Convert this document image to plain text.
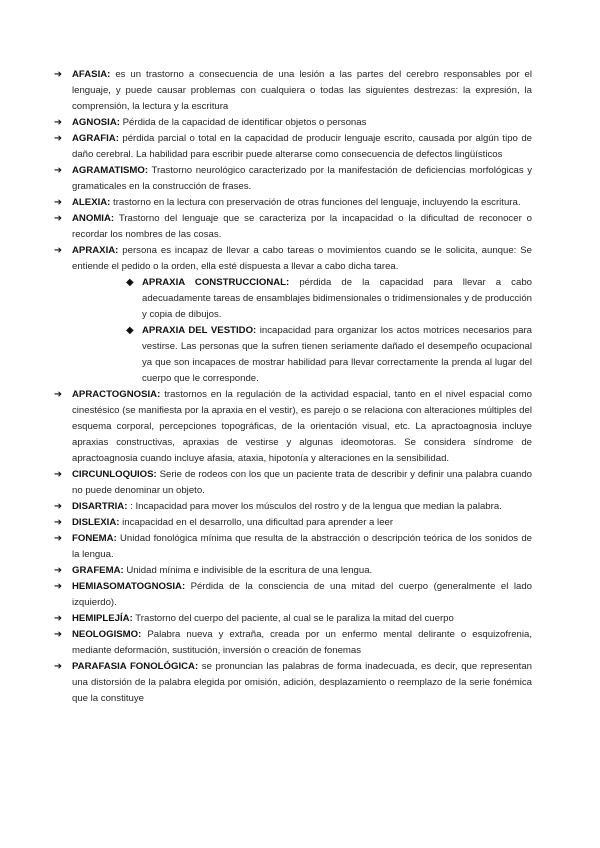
➔	AFASIA: es un trastorno a consecuencia de una lesión a las partes del cerebro responsables por el lenguaje, y puede causar problemas con cualquiera o todas las siguientes destrezas: la expresión, la comprensión, la lectura y la escritura
➔	AGNOSIA: Pérdida de la capacidad de identificar objetos o personas
➔	AGRAFIA: pérdida parcial o total en la capacidad de producir lenguaje escrito, causada por algún tipo de daño cerebral. La habilidad para escribir puede alterarse como consecuencia de defectos lingüísticos
➔	AGRAMATISMO: Trastorno neurológico caracterizado por la manifestación de deficiencias morfológicas y gramaticales en la construcción de frases.
➔	ALEXIA: trastorno en la lectura con preservación de otras funciones del lenguaje, incluyendo la escritura.
➔	ANOMIA: Trastorno del lenguaje que se caracteriza por la incapacidad o la dificultad de reconocer o recordar los nombres de las cosas.
➔	APRAXIA: persona es incapaz de llevar a cabo tareas o movimientos cuando se le solicita, aunque: Se entiende el pedido o la orden, ella esté dispuesta a llevar a cabo dicha tarea.
◆ APRAXIA CONSTRUCCIONAL: pérdida de la capacidad para llevar a cabo adecuadamente tareas de ensamblajes bidimensionales o tridimensionales y de producción y copia de dibujos.
◆ APRAXIA DEL VESTIDO: incapacidad para organizar los actos motrices necesarios para vestirse. Las personas que la sufren tienen seriamente dañado el desempeño ocupacional ya que son incapaces de mostrar habilidad para llevar correctamente la prenda al lugar del cuerpo que le corresponde.
➔	APRACTOGNOSIA: trastornos en la regulación de la actividad espacial, tanto en el nivel espacial como cinestésico (se manifiesta por la apraxia en el vestir), es parejo o se relaciona con alteraciones múltiples del esquema corporal, percepciones topográficas, de la orientación visual, etc. La apractoagnosia incluye apraxias constructivas, apraxias de vestirse y algunas ideomotoras. Se considera síndrome de apractoagnosia cuando incluye afasia, ataxia, hipotonía y alteraciones en la sensibilidad.
➔	CIRCUNLOQUIOS: Serie de rodeos con los que un paciente trata de describir y definir una palabra cuando no puede denominar un objeto.
➔	DISARTRIA: : Incapacidad para mover los músculos del rostro y de la lengua que median la palabra.
➔	DISLEXIA: incapacidad en el desarrollo, una dificultad para aprender a leer
➔	FONEMA: Unidad fonológica mínima que resulta de la abstracción o descripción teórica de los sonidos de la lengua.
➔	GRAFEMA: Unidad mínima e indivisible de la escritura de una lengua.
➔	HEMIASOMATOGNOSIA: Pérdida de la consciencia de una mitad del cuerpo (generalmente el lado izquierdo).
➔	HEMIPLEJÍA: Trastorno del cuerpo del paciente, al cual se le paraliza la mitad del cuerpo
➔	NEOLOGISMO: Palabra nueva y extraña, creada por un enfermo mental delirante o esquizofrenia, mediante deformación, sustitución, inversión o creación de fonemas
➔	PARAFASIA FONOLÓGICA: se pronuncian las palabras de forma inadecuada, es decir, que representan una distorsión de la palabra elegida por omisión, adición, desplazamiento o reemplazo de la serie fonémica que la constituye
